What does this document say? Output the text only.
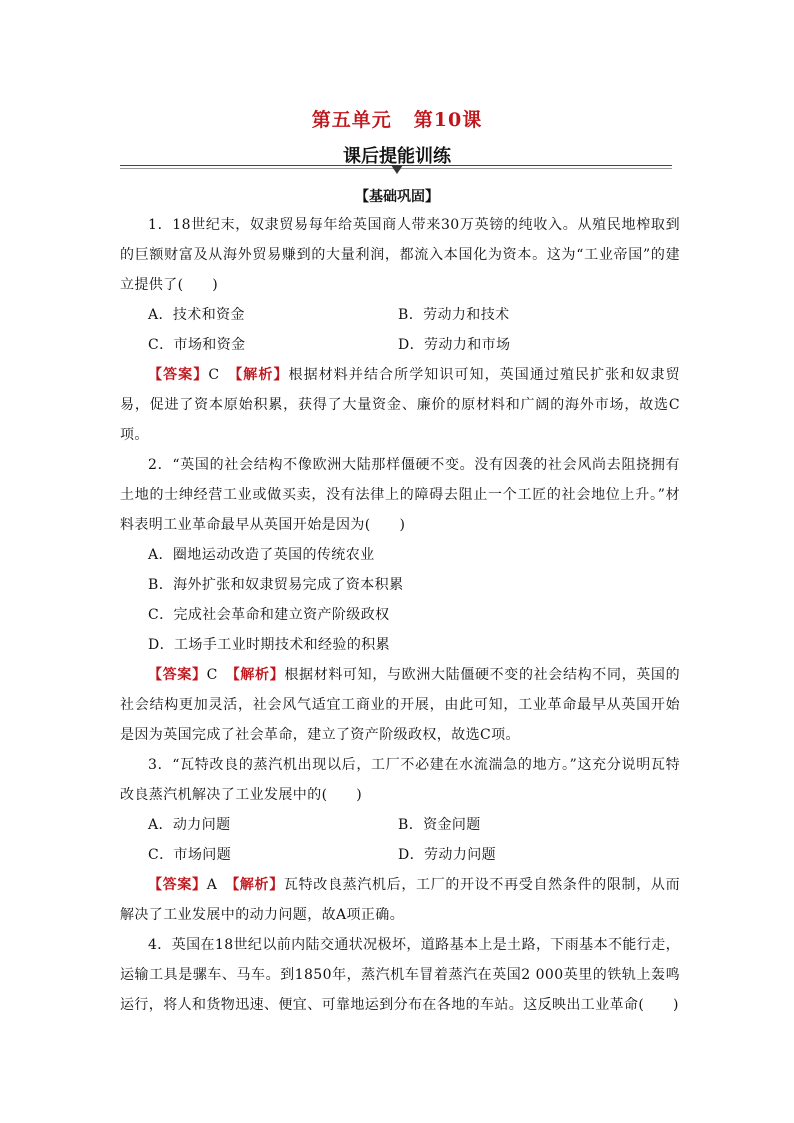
第五单元 第10课
课后提能训练
【基础巩固】

1．18世纪末，奴隶贸易每年给英国商人带来30万英镑的纯收入。从殖民地榨取到的巨额财富及从海外贸易赚到的大量利润，都流入本国化为资本。这为“工业帝国”的建立提供了(　　)

A．技术和资金	B．劳动力和技术
C．市场和资金	D．劳动力和市场

【答案】C　 【解析】根据材料并结合所学知识可知，英国通过殖民扩张和奴隶贸易，促进了资本原始积累，获得了大量资金、廉价的原材料和广阔的海外市场，故选C项。

2．“英国的社会结构不像欧洲大陆那样僵硬不变。没有因袭的社会风尚去阻挠拥有土地的士绅经营工业或做买卖，没有法律上的障碍去阻止一个工匠的社会地位上升。”材料表明工业革命最早从英国开始是因为(　　)

A．圈地运动改造了英国的传统农业
B．海外扩张和奴隶贸易完成了资本积累
C．完成社会革命和建立资产阶级政权
D．工场手工业时期技术和经验的积累

【答案】C　 【解析】根据材料可知，与欧洲大陆僵硬不变的社会结构不同，英国的社会结构更加灵活，社会风气适宜工商业的开展，由此可知，工业革命最早从英国开始是因为英国完成了社会革命，建立了资产阶级政权，故选C项。

3．“瓦特改良的蒸汽机出现以后，工厂不必建在水流湍急的地方。”这充分说明瓦特改良蒸汽机解决了工业发展中的(　　)

A．动力问题	B．资金问题
C．市场问题	D．劳动力问题

【答案】A　 【解析】瓦特改良蒸汽机后，工厂的开设不再受自然条件的限制，从而解决了工业发展中的动力问题，故A项正确。

4．英国在18世纪以前内陆交通状况极坏，道路基本上是土路，下雨基本不能行走，运输工具是骡车、马车。到1850年，蒸汽机车冒着蒸汽在英国2 000英里的铁轨上轰鸣运行，将人和货物迅速、便宜、可靠地运到分布在各地的车站。这反映出工业革命(　　)
